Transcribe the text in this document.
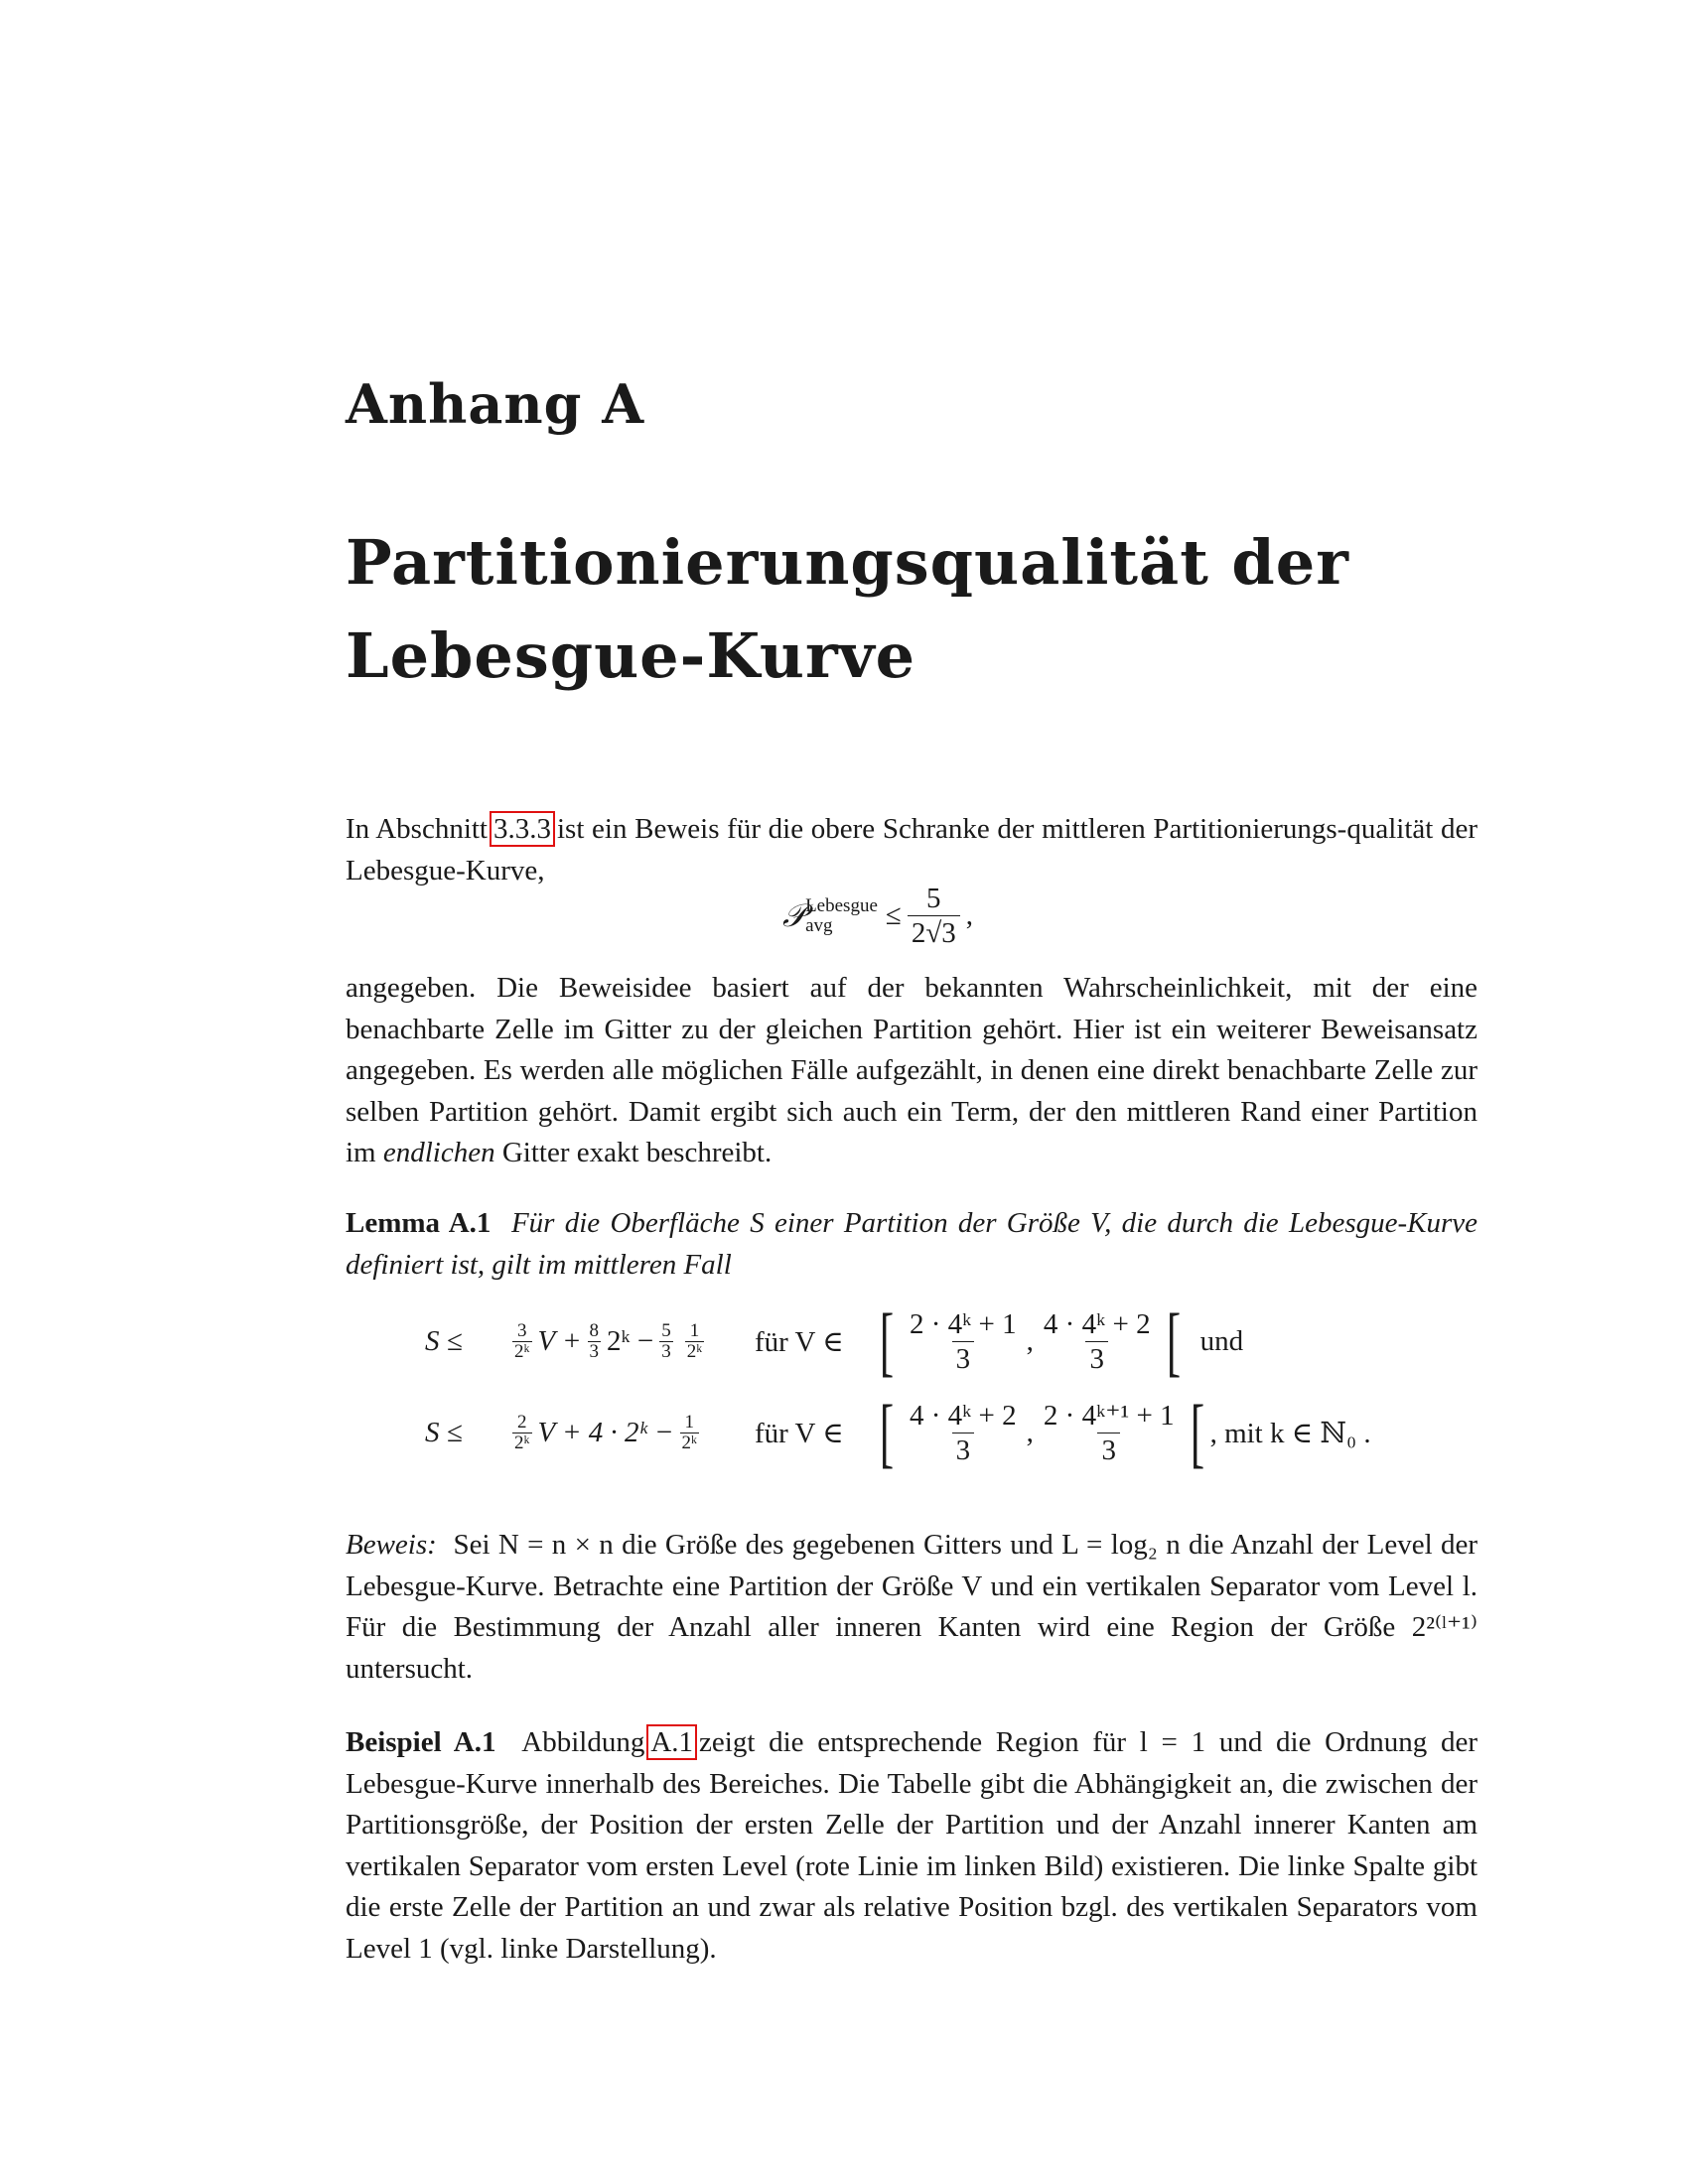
Anhang A
Partitionierungsqualität der
Lebesgue-Kurve
In Abschnitt 3.3.3 ist ein Beweis für die obere Schranke der mittleren Partitionierungs-qualität der Lebesgue-Kurve,
𝒫 Lebesgue
avg	≤ $\frac{5}{2√3}$ ,
angegeben. Die Beweisidee basiert auf der bekannten Wahrscheinlichkeit, mit der eine benachbarte Zelle im Gitter zu der gleichen Partition gehört. Hier ist ein weiterer Beweisansatz angegeben. Es werden alle möglichen Fälle aufgezählt, in denen eine direkt benachbarte Zelle zur selben Partition gehört. Damit ergibt sich auch ein Term, der den mittleren Rand einer Partition im endlichen Gitter exakt beschreibt.
Lemma A.1 Für die Oberfläche S einer Partition der Größe V, die durch die Lebesgue-Kurve definiert ist, gilt im mittleren Fall
S ≤	$\frac{3}{\text{2ᵏ}}$ $V + \frac{8}{3}$ 2ᵏ − $\frac{5}{3} \frac{1}{\text{2ᵏ}}$ für V ∈ [ $\frac{\text{2 · 4ᵏ + 1}}{3}$ , $\frac{\text{4 · 4ᵏ + 2}}{3}$ [ und
S ≤	$\frac{2}{\text{2ᵏ}}$ V + 4 · 2ᵏ − $\frac{1}{\text{2ᵏ}}$ für V ∈ [ $\frac{\text{4 · 4ᵏ + 2}}{3}$ , $\frac{\text{2 · 4ᵏ⁺¹ + 1}}{3}$ [ , mit k ∈ ℕ₀ .
Beweis: Sei N = n × n die Größe des gegebenen Gitters und L = log₂ n die Anzahl der Level der Lebesgue-Kurve. Betrachte eine Partition der Größe V und ein vertikalen Separator vom Level l. Für die Bestimmung der Anzahl aller inneren Kanten wird eine Region der Größe 2²⁽ˡ⁺¹⁾ untersucht.
Beispiel A.1 Abbildung A.1 zeigt die entsprechende Region für l = 1 und die Ordnung der Lebesgue-Kurve innerhalb des Bereiches. Die Tabelle gibt die Abhängigkeit an, die zwischen der Partitionsgröße, der Position der ersten Zelle der Partition und der Anzahl innerer Kanten am vertikalen Separator vom ersten Level (rote Linie im linken Bild) existieren. Die linke Spalte gibt die erste Zelle der Partition an und zwar als relative Position bzgl. des vertikalen Separators vom Level 1 (vgl. linke Darstellung).
